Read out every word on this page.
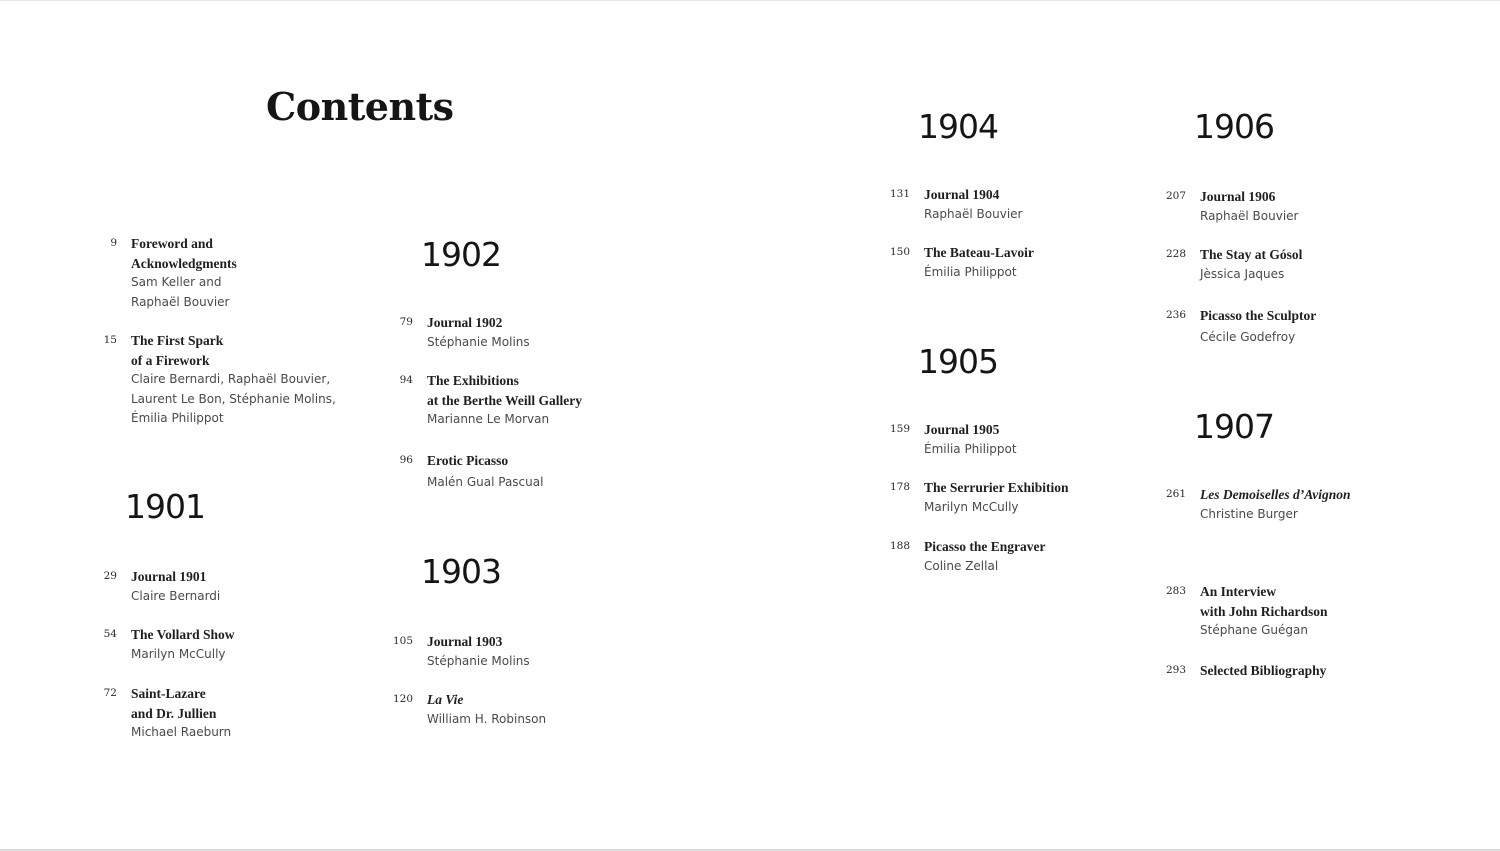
Contents
9	Foreword and
Acknowledgments
Sam Keller and
Raphaël Bouvier
15	The First Spark
of a Firework
Claire Bernardi, Raphaël Bouvier,
Laurent Le Bon, Stéphanie Molins,
Émilia Philippot
1901
29	Journal 1901
Claire Bernardi
54	The Vollard Show
Marilyn McCully
72	Saint-Lazare
and Dr. Jullien
Michael Raeburn
1902
79	Journal 1902
Stéphanie Molins
94	The Exhibitions
at the Berthe Weill Gallery
Marianne Le Morvan
96	Erotic Picasso
Malén Gual Pascual
1903
105	Journal 1903
Stéphanie Molins
120	La Vie
William H. Robinson
1904
131	Journal 1904
Raphaël Bouvier
150	The Bateau-Lavoir
Émilia Philippot
1905
159	Journal 1905
Émilia Philippot
178	The Serrurier Exhibition
Marilyn McCully
188	Picasso the Engraver
Coline Zellal
1906
207	Journal 1906
Raphaël Bouvier
228	The Stay at Gósol
Jèssica Jaques
236	Picasso the Sculptor
Cécile Godefroy
1907
261	Les Demoiselles d’Avignon
Christine Burger
283	An Interview
with John Richardson
Stéphane Guégan
293	Selected Bibliography
